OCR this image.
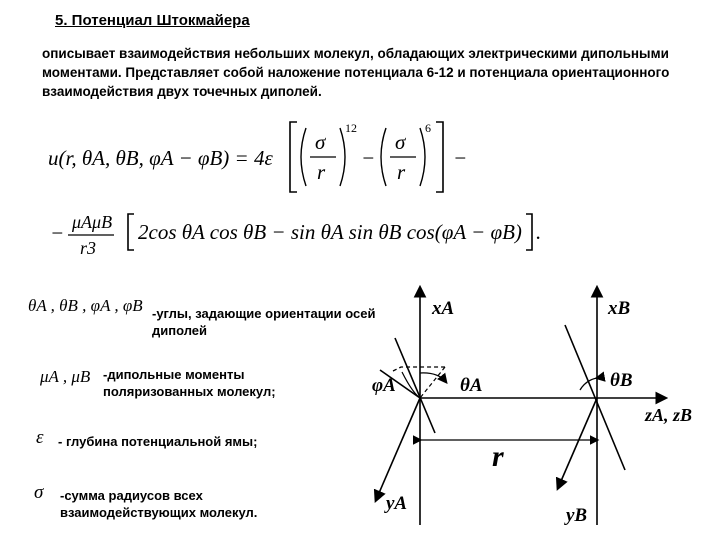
5. Потенциал Штокмайера
описывает взаимодействия небольших молекул, обладающих электрическими дипольными моментами. Представляет собой наложение потенциала 6-12 и потенциала ориентационного взаимодействия двух точечных диполей.
u(r, θA, θB, φA − φB) = 4ε
σ
r
12
−
σ
r
6
−
− μAμB
r3
2cos θA cos θB − sin θA sin θB cos(φA − φB) .
θA , θB , φA , φB -углы, задающие ориентации осей диполей
μA , μB -дипольные моменты поляризованных молекул;
ε - глубина потенциальной ямы;
σ -сумма радиусов всех взаимодействующих молекул.
xA	xB
φA	θA	θB
zA, zB
r
yA
yB
